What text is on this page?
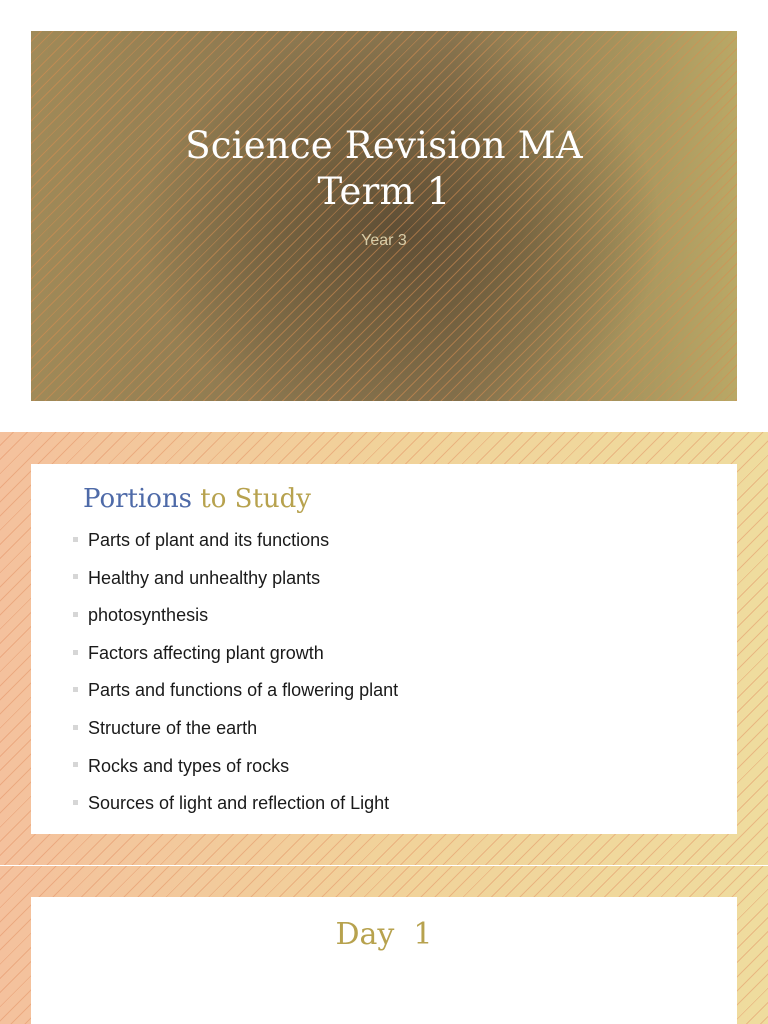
Science Revision MA
Term 1
Year 3
Portions to Study
Parts of plant and its functions
Healthy and unhealthy plants
photosynthesis
Factors affecting plant growth
Parts and functions of a flowering plant
Structure of the earth
Rocks and types of rocks
Sources of light and reflection of Light
Day  1
